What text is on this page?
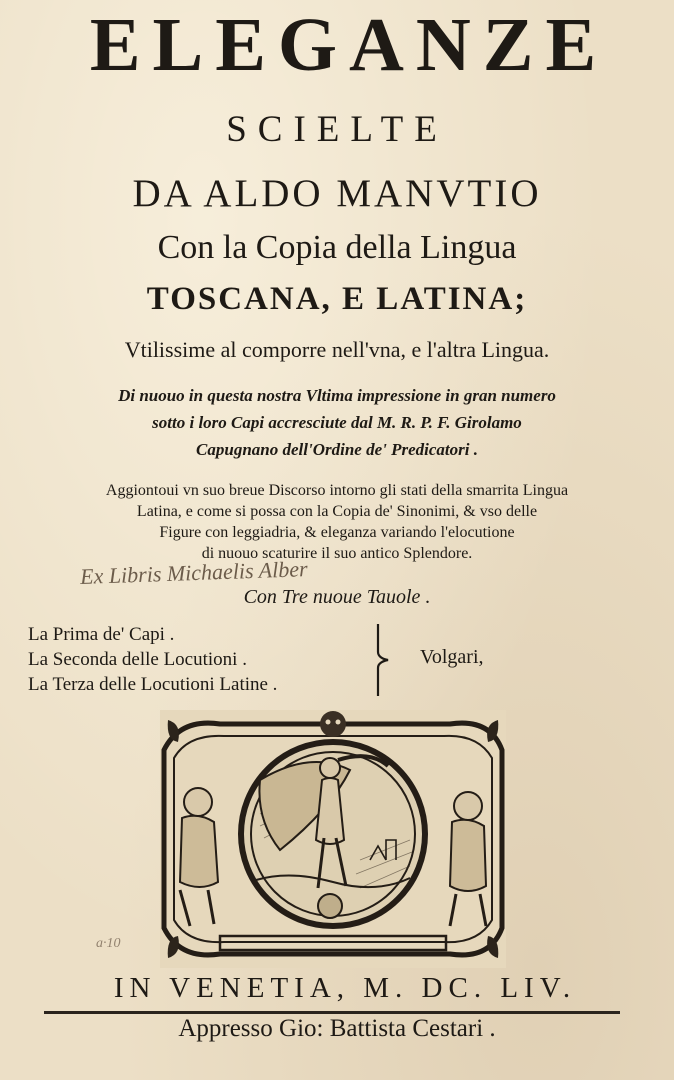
ELEGANZE
SCIELTE
DA ALDO MANVTIO
Con la Copia della Lingua
TOSCANA, E LATINA;
Vtilissime al comporre nell'vna, e l'altra Lingua.
Di nuouo in questa nostra Vltima impressione in gran numero
sotto i loro Capi accresciute dal M. R. P. F. Girolamo
Capugnano dell'Ordine de' Predicatori .
Aggiontoui vn suo breue Discorso intorno gli stati della smarrita Lingua
Latina, e come si possa con la Copia de' Sinonimi, & vso delle
Figure con leggiadria, & eleganza variando l'elocutione
di nuouo scaturire il suo antico Splendore.
Ex Libris Michaelis Alber
Con Tre nuoue Tauole .
La Prima de' Capi .
La Seconda delle Locutioni .
La Terza delle Locutioni Latine .
Volgari,
a·10
IN VENETIA, M. DC. LIV.
Appresso Gio: Battista Cestari .
